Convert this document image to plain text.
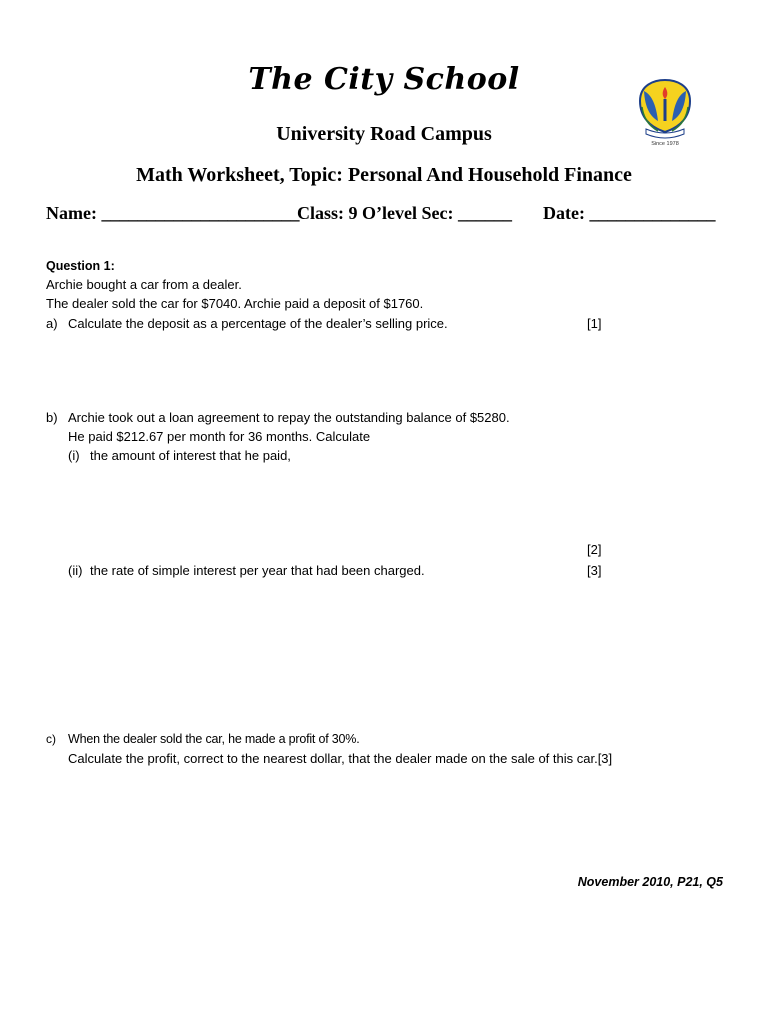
The City School
Since 1978
University Road Campus
Math Worksheet, Topic: Personal And Household Finance
Name: ______________________
Class: 9 O’level Sec: ______ Date: ______________
Question 1:
Archie bought a car from a dealer.
The dealer sold the car for $7040. Archie paid a deposit of $1760.
a) Calculate the deposit as a percentage of the dealer’s selling price.	[1]
b) Archie took out a loan agreement to repay the outstanding balance of $5280.
He paid $212.67 per month for 36 months. Calculate
(i) the amount of interest that he paid,
[2]
(ii) the rate of simple interest per year that had been charged.	[3]
c) When the dealer sold the car, he made a profit of 30%.
Calculate the profit, correct to the nearest dollar, that the dealer made on the sale of this car.[3]
November 2010, P21, Q5
